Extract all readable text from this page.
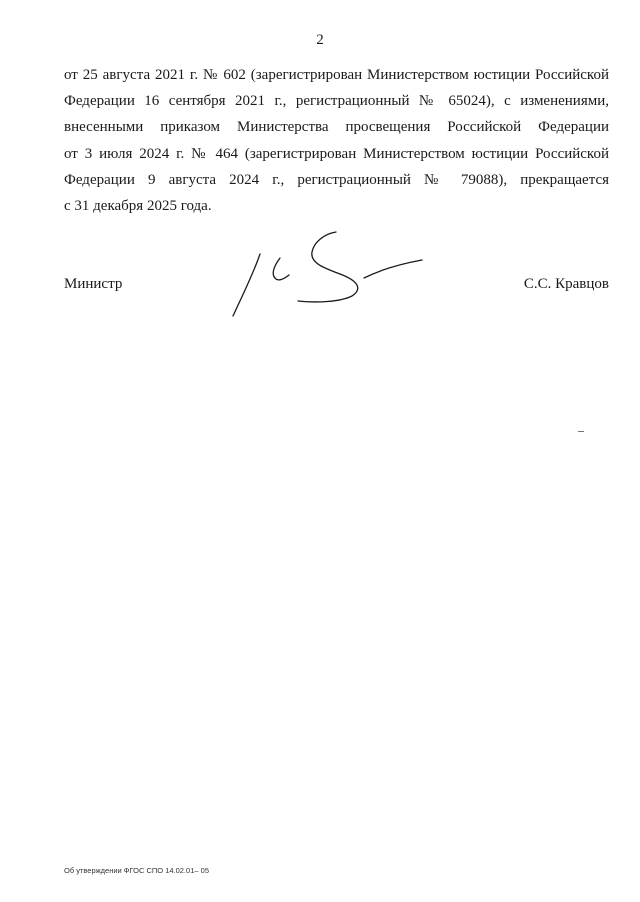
2
от 25 августа 2021 г. № 602 (зарегистрирован Министерством юстиции Российской
Федерации 16 сентября 2021 г., регистрационный № 65024), с изменениями,
внесенными приказом Министерства просвещения Российской Федерации
от 3 июля 2024 г. № 464 (зарегистрирован Министерством юстиции Российской
Федерации 9 августа 2024 г., регистрационный № 79088), прекращается
с 31 декабря 2025 года.
Министр	С.С. Кравцов
Об утверждении ФГОС СПО 14.02.01– 05
